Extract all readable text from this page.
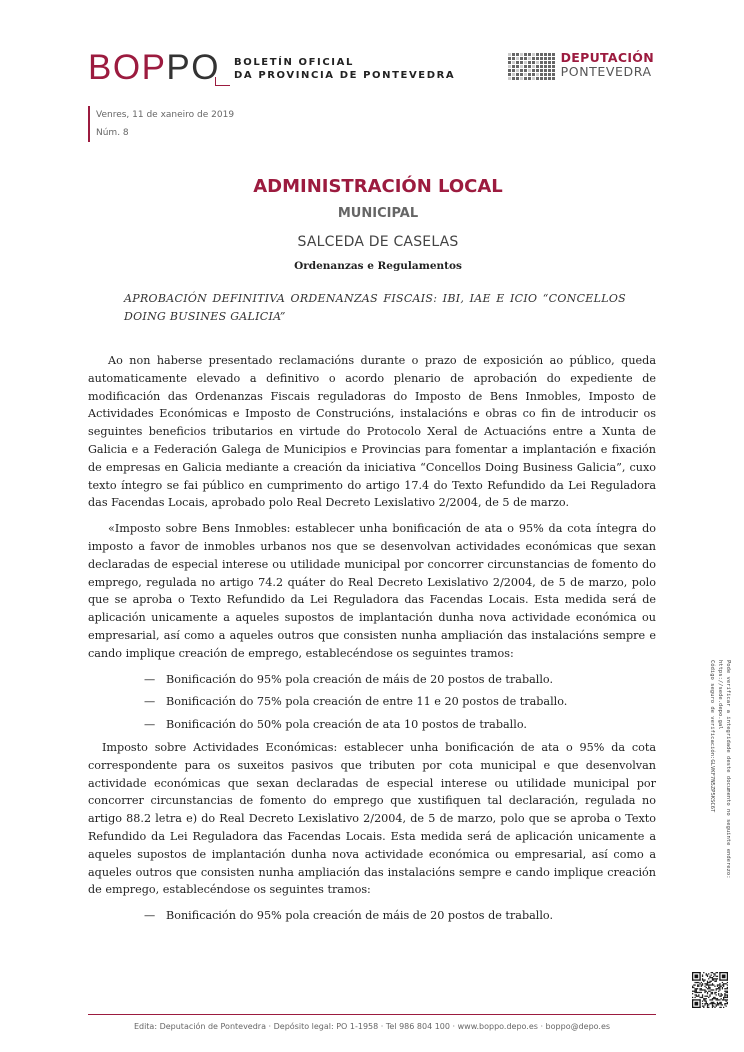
BOPPO BOLETÍN OFICIAL
DA PROVINCIA DE PONTEVEDRA
DEPUTACIÓN
PONTEVEDRA
Venres, 11 de xaneiro de 2019
Núm. 8
ADMINISTRACIÓN LOCAL
MUNICIPAL
SALCEDA DE CASELAS
Ordenanzas e Regulamentos
APROBACIÓN DEFINITIVA ORDENANZAS FISCAIS: IBI, IAE E ICIO “CONCELLOS DOING BUSINES GALICIA”

Ao non haberse presentado reclamacións durante o prazo de exposición ao público, queda automaticamente elevado a definitivo o acordo plenario de aprobación do expediente de modificación das Ordenanzas Fiscais reguladoras do Imposto de Bens Inmobles, Imposto de Actividades Económicas e Imposto de Construcións, instalacións e obras co fin de introducir os seguintes beneficios tributarios en virtude do Protocolo Xeral de Actuacións entre a Xunta de Galicia e a Federación Galega de Municipios e Provincias para fomentar a implantación e fixación de empresas en Galicia mediante a creación da iniciativa “Concellos Doing Business Galicia”, cuxo texto íntegro se fai público en cumprimento do artigo 17.4 do Texto Refundido da Lei Reguladora das Facendas Locais, aprobado polo Real Decreto Lexislativo 2/2004, de 5 de marzo.

«Imposto sobre Bens Inmobles: establecer unha bonificación de ata o 95% da cota íntegra do imposto a favor de inmobles urbanos nos que se desenvolvan actividades económicas que sexan declaradas de especial interese ou utilidade municipal por concorrer circunstancias de fomento do emprego, regulada no artigo 74.2 quáter do Real Decreto Lexislativo 2/2004, de 5 de marzo, polo que se aproba o Texto Refundido da Lei Reguladora das Facendas Locais. Esta medida será de aplicación unicamente a aqueles supostos de implantación dunha nova actividade económica ou empresarial, así como a aqueles outros que consisten nunha ampliación das instalacións sempre e cando implique creación de emprego, establecéndose os seguintes tramos:

— Bonificación do 95% pola creación de máis de 20 postos de traballo.
— Bonificación do 75% pola creación de entre 11 e 20 postos de traballo.
— Bonificación do 50% pola creación de ata 10 postos de traballo.

Imposto sobre Actividades Económicas: establecer unha bonificación de ata o 95% da cota correspondente para os suxeitos pasivos que tributen por cota municipal e que desenvolvan actividade económicas que sexan declaradas de especial interese ou utilidade municipal por concorrer circunstancias de fomento do emprego que xustifiquen tal declaración, regulada no artigo 88.2 letra e) do Real Decreto Lexislativo 2/2004, de 5 de marzo, polo que se aproba o Texto Refundido da Lei Reguladora das Facendas Locais. Esta medida será de aplicación unicamente a aqueles supostos de implantación dunha nova actividade económica ou empresarial, así como a aqueles outros que consisten nunha ampliación das instalacións sempre e cando implique creación de emprego, establecéndose os seguintes tramos:

— Bonificación do 95% pola creación de máis de 20 postos de traballo.
Pode verificar a integridade deste documento no seguinte enderezo:
https://sede.depo.gal
Código seguro de verificación:GLVKF7N5ZP5KSC6T
Edita: Deputación de Pontevedra · Depósito legal: PO 1-1958 · Tel 986 804 100 · www.boppo.depo.es · boppo@depo.es
